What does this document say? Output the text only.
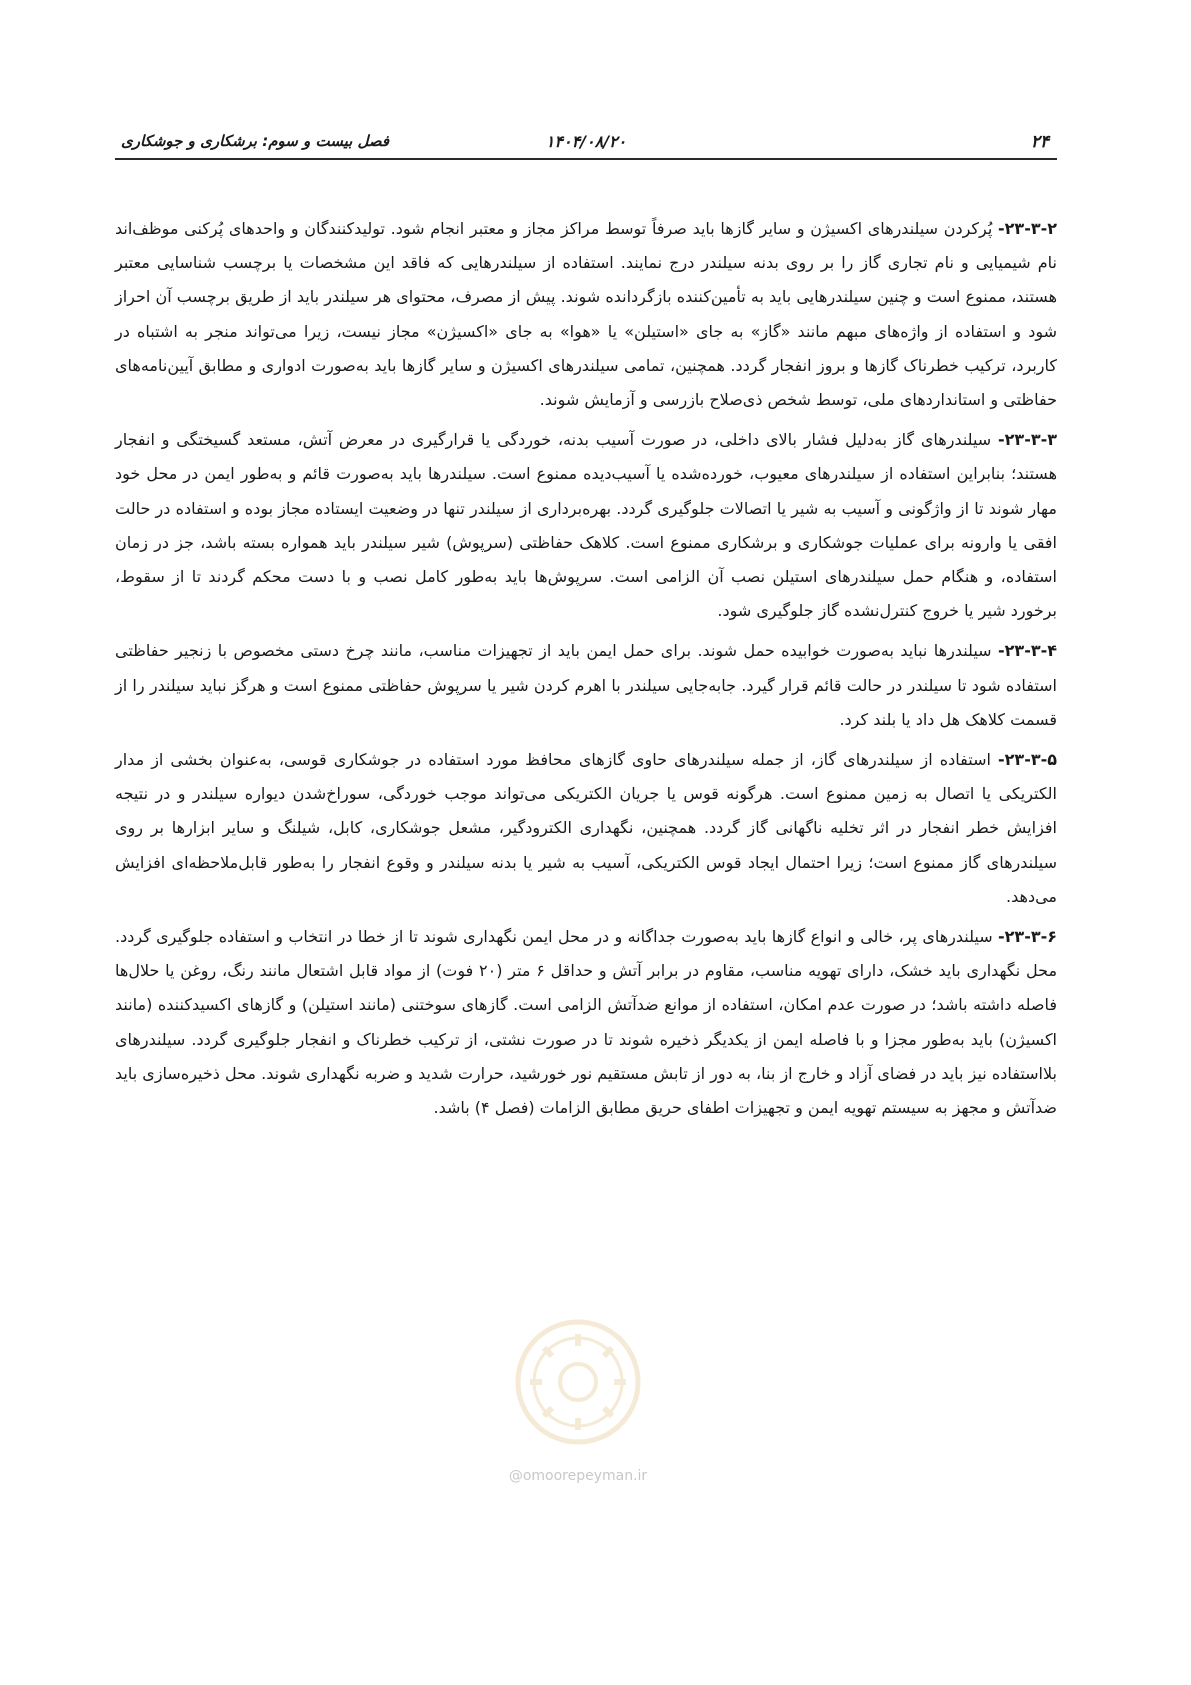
۲۴
۱۴۰۴/۰۸/۲۰
فصل بیست و سوم: برشکاری و جوشکاری

۲۳-۳-۲- پُرکردن سیلندرهای اکسیژن و سایر گازها باید صرفاً توسط مراکز مجاز و معتبر انجام شود. تولیدکنندگان و واحدهای پُرکنی موظف‌اند نام شیمیایی و نام تجاری گاز را بر روی بدنه سیلندر درج نمایند. استفاده از سیلندرهایی که فاقد این مشخصات یا برچسب شناسایی معتبر هستند، ممنوع است و چنین سیلندرهایی باید به تأمین‌کننده بازگردانده شوند. پیش از مصرف، محتوای هر سیلندر باید از طریق برچسب آن احراز شود و استفاده از واژه‌های مبهم مانند «گاز» به جای «استیلن» یا «هوا» به جای «اکسیژن» مجاز نیست، زیرا می‌تواند منجر به اشتباه در کاربرد، ترکیب خطرناک گازها و بروز انفجار گردد. همچنین، تمامی سیلندرهای اکسیژن و سایر گازها باید به‌صورت ادواری و مطابق آیین‌نامه‌های حفاظتی و استانداردهای ملی، توسط شخص ذی‌صلاح بازرسی و آزمایش شوند.

۲۳-۳-۳- سیلندرهای گاز به‌دلیل فشار بالای داخلی، در صورت آسیب بدنه، خوردگی یا قرارگیری در معرض آتش، مستعد گسیختگی و انفجار هستند؛ بنابراین استفاده از سیلندرهای معیوب، خورده‌شده یا آسیب‌دیده ممنوع است. سیلندرها باید به‌صورت قائم و به‌طور ایمن در محل خود مهار شوند تا از واژگونی و آسیب به شیر یا اتصالات جلوگیری گردد. بهره‌برداری از سیلندر تنها در وضعیت ایستاده مجاز بوده و استفاده در حالت افقی یا وارونه برای عملیات جوشکاری و برشکاری ممنوع است. کلاهک حفاظتی (سرپوش) شیر سیلندر باید همواره بسته باشد، جز در زمان استفاده، و هنگام حمل سیلندرهای استیلن نصب آن الزامی است. سرپوش‌ها باید به‌طور کامل نصب و با دست محکم گردند تا از سقوط، برخورد شیر یا خروج کنترل‌نشده گاز جلوگیری شود.

۲۳-۳-۴- سیلندرها نباید به‌صورت خوابیده حمل شوند. برای حمل ایمن باید از تجهیزات مناسب، مانند چرخ دستی مخصوص با زنجیر حفاظتی استفاده شود تا سیلندر در حالت قائم قرار گیرد. جابه‌جایی سیلندر با اهرم کردن شیر یا سرپوش حفاظتی ممنوع است و هرگز نباید سیلندر را از قسمت کلاهک هل داد یا بلند کرد.

۲۳-۳-۵- استفاده از سیلندرهای گاز، از جمله سیلندرهای حاوی گازهای محافظ مورد استفاده در جوشکاری قوسی، به‌عنوان بخشی از مدار الکتریکی یا اتصال به زمین ممنوع است. هرگونه قوس یا جریان الکتریکی می‌تواند موجب خوردگی، سوراخ‌شدن دیواره سیلندر و در نتیجه افزایش خطر انفجار در اثر تخلیه ناگهانی گاز گردد. همچنین، نگهداری الکترودگیر، مشعل جوشکاری، کابل، شیلنگ و سایر ابزارها بر روی سیلندرهای گاز ممنوع است؛ زیرا احتمال ایجاد قوس الکتریکی، آسیب به شیر یا بدنه سیلندر و وقوع انفجار را به‌طور قابل‌ملاحظه‌ای افزایش می‌دهد.

۲۳-۳-۶- سیلندرهای پر، خالی و انواع گازها باید به‌صورت جداگانه و در محل ایمن نگهداری شوند تا از خطا در انتخاب و استفاده جلوگیری گردد. محل نگهداری باید خشک، دارای تهویه مناسب، مقاوم در برابر آتش و حداقل ۶ متر (۲۰ فوت) از مواد قابل اشتعال مانند رنگ، روغن یا حلال‌ها فاصله داشته باشد؛ در صورت عدم امکان، استفاده از موانع ضدآتش الزامی است. گازهای سوختنی (مانند استیلن) و گازهای اکسیدکننده (مانند اکسیژن) باید به‌طور مجزا و با فاصله ایمن از یکدیگر ذخیره شوند تا در صورت نشتی، از ترکیب خطرناک و انفجار جلوگیری گردد. سیلندرهای بلااستفاده نیز باید در فضای آزاد و خارج از بنا، به دور از تابش مستقیم نور خورشید، حرارت شدید و ضربه نگهداری شوند. محل ذخیره‌سازی باید ضدآتش و مجهز به سیستم تهویه ایمن و تجهیزات اطفای حریق مطابق الزامات (فصل ۴) باشد.

@omoorepeyman.ir
